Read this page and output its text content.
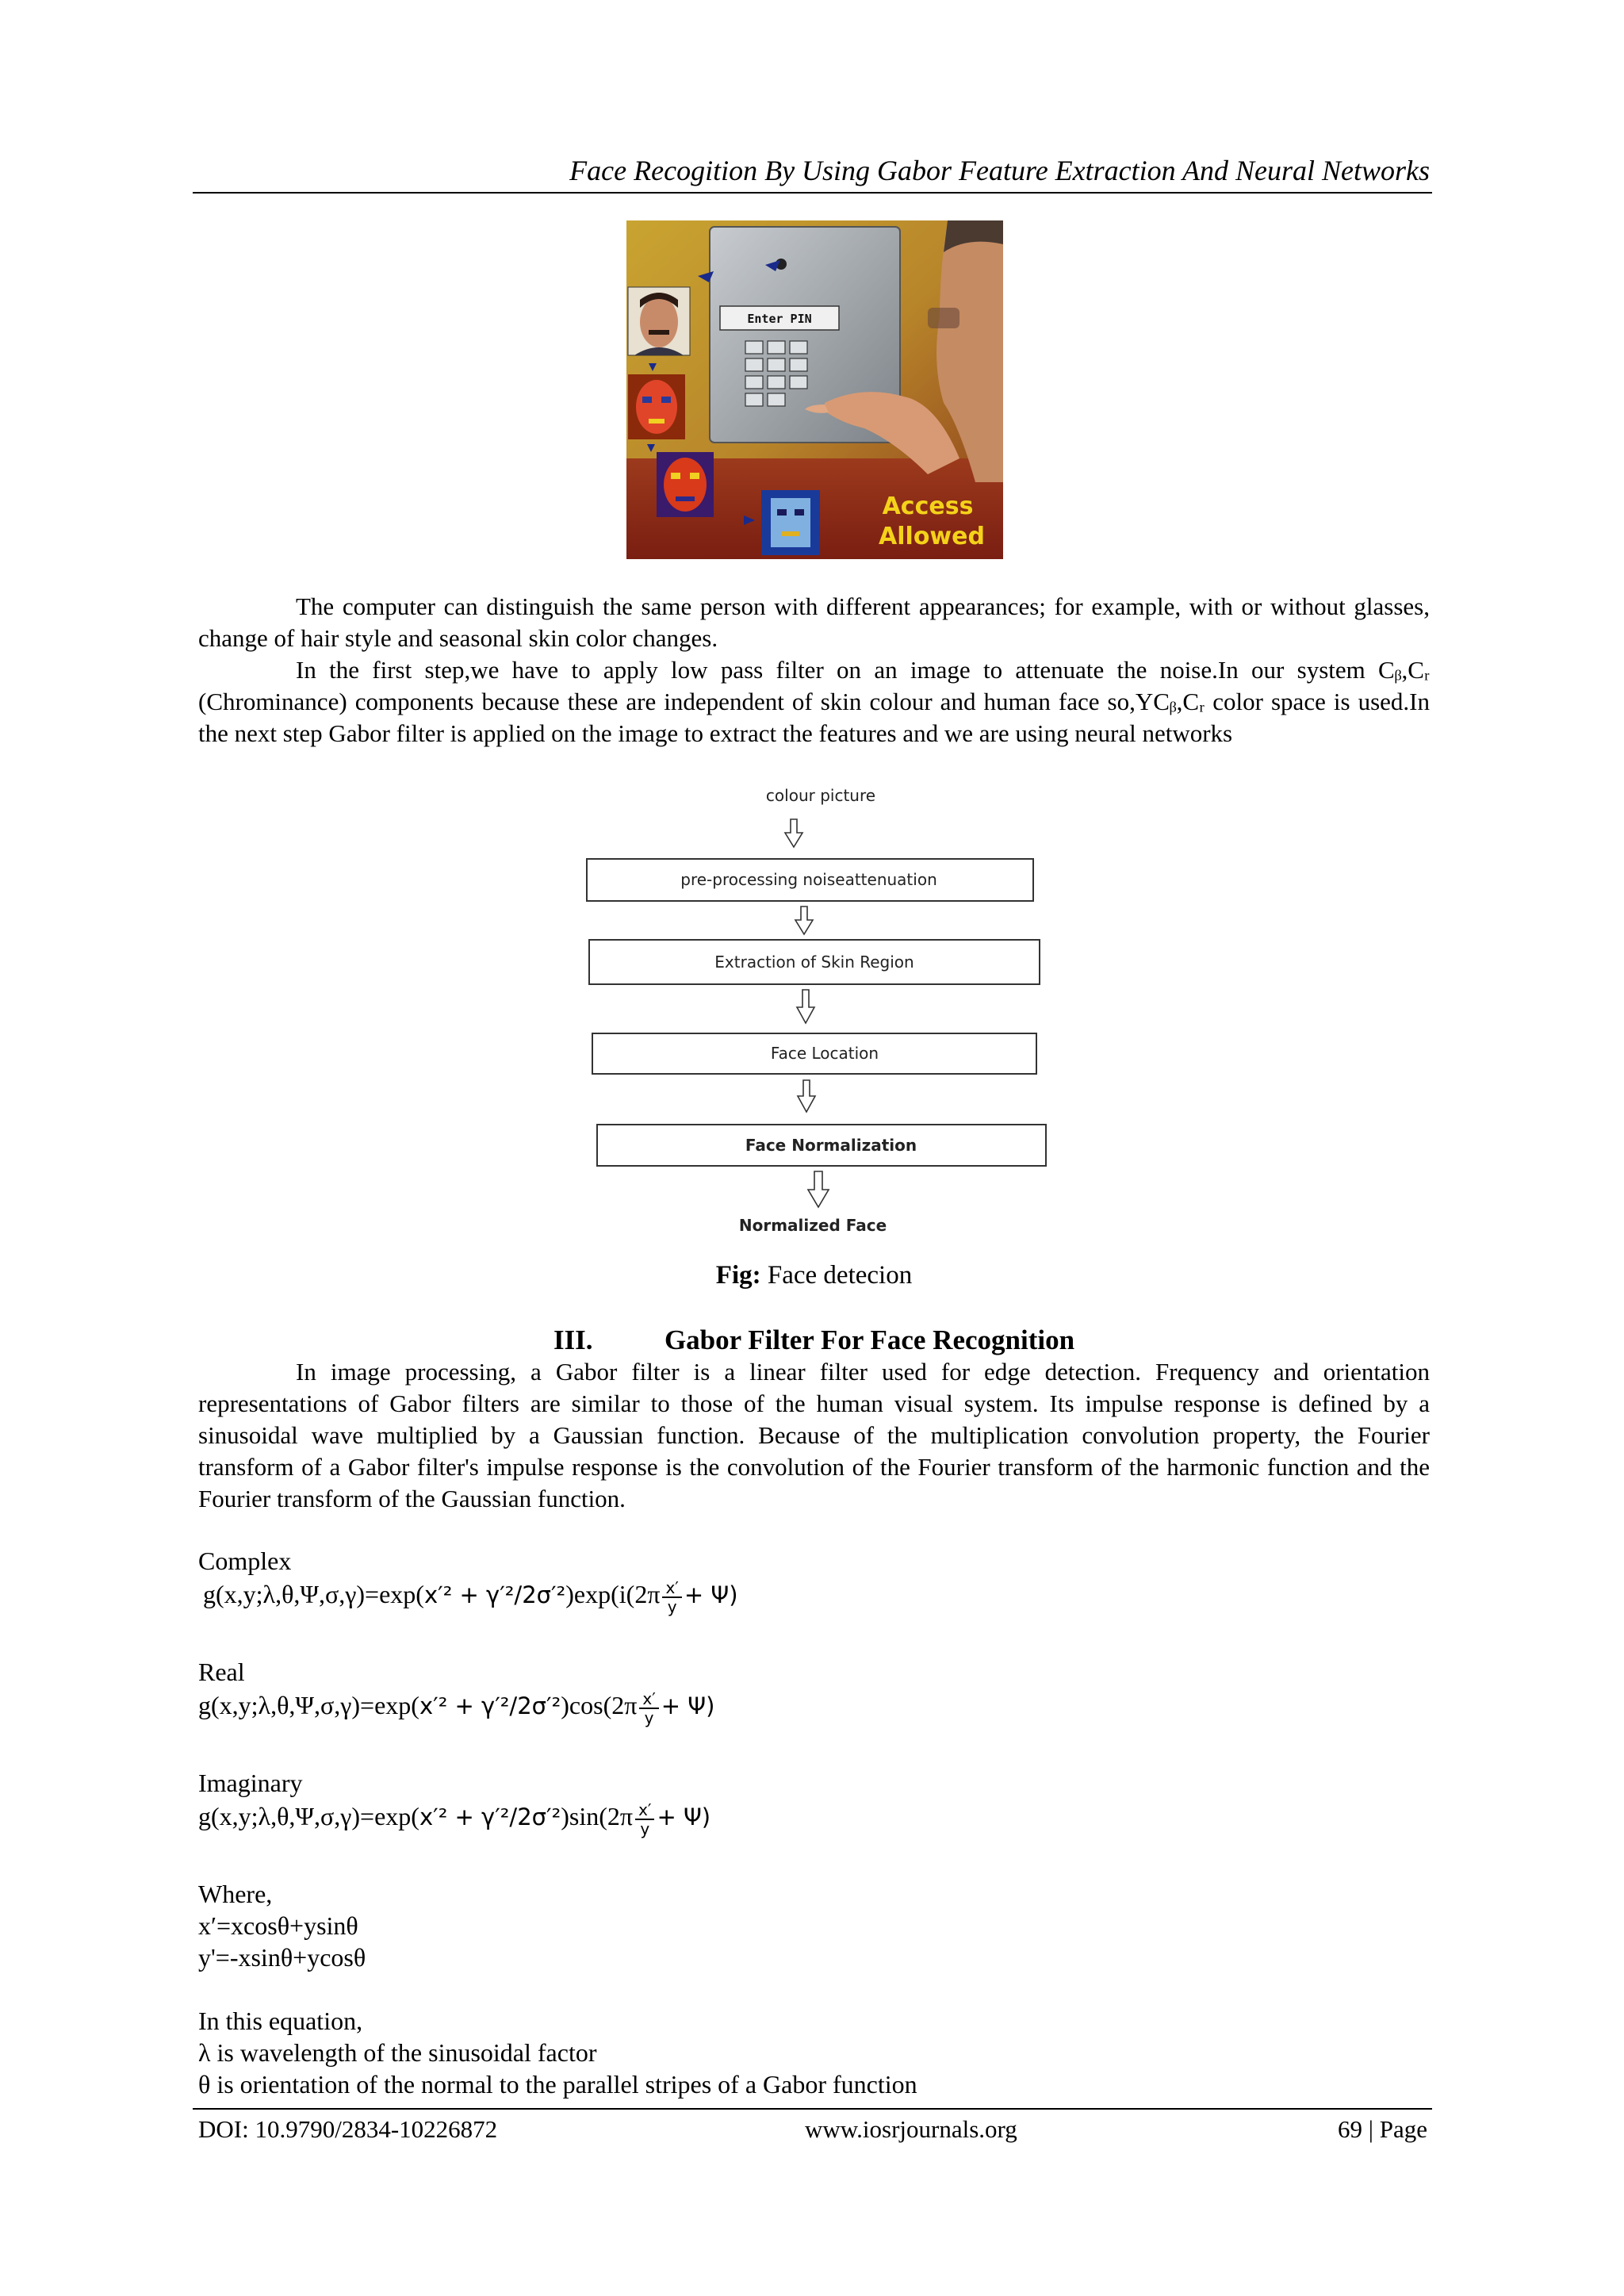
Face Recogition By Using Gabor Feature Extraction And Neural Networks
Enter PIN
Access
Allowed
The computer can distinguish the same person with different appearances; for example, with or without glasses, change of hair style and seasonal skin color changes.
In the first step,we have to apply low pass filter on an image to attenuate the noise.In our system Cᵦ,Cᵣ (Chrominance) components because these are independent of skin colour and human face so,YCᵦ,Cᵣ color space is used.In the next step Gabor filter is applied on the image to extract the features and we are using neural networks
colour picture
pre-processing noiseattenuation
Extraction of Skin Region
Face Location
Face Normalization
Normalized Face
Fig: Face detecion
III.	Gabor Filter For Face Recognition
In image processing, a Gabor filter is a linear filter used for edge detection. Frequency and orientation representations of Gabor filters are similar to those of the human visual system. Its impulse response is defined by a sinusoidal wave multiplied by a Gaussian function. Because of the multiplication convolution property, the Fourier transform of a Gabor filter's impulse response is the convolution of the Fourier transform of the harmonic function and the Fourier transform of the Gaussian function.
Complex
g(x,y;λ,θ,Ψ,σ,γ)=exp(x′² + γ′²/2σ′²)exp⁡(i(2π $\frac{x'}{y} + \Psi$)
Real
g(x,y;λ,θ,Ψ,σ,γ)=exp(x′² + $\gamma'^2/2\sigma'^2)\cos(2\pi \frac{x'}{y} + \Psi)$
Imaginary
g(x,y;λ,θ,Ψ,σ,γ)=exp(x′² + $\gamma'^2/2\sigma'^2)\sin(2\pi \frac{x'}{y} + \Psi)$
Where,
x′=xcosθ+ysinθ
y'=-xsinθ+ycosθ
In this equation,
λ is wavelength of the sinusoidal factor
θ is orientation of the normal to the parallel stripes of a Gabor function
DOI: 10.9790/2834-10226872	www.iosrjournals.org	69 | Page
